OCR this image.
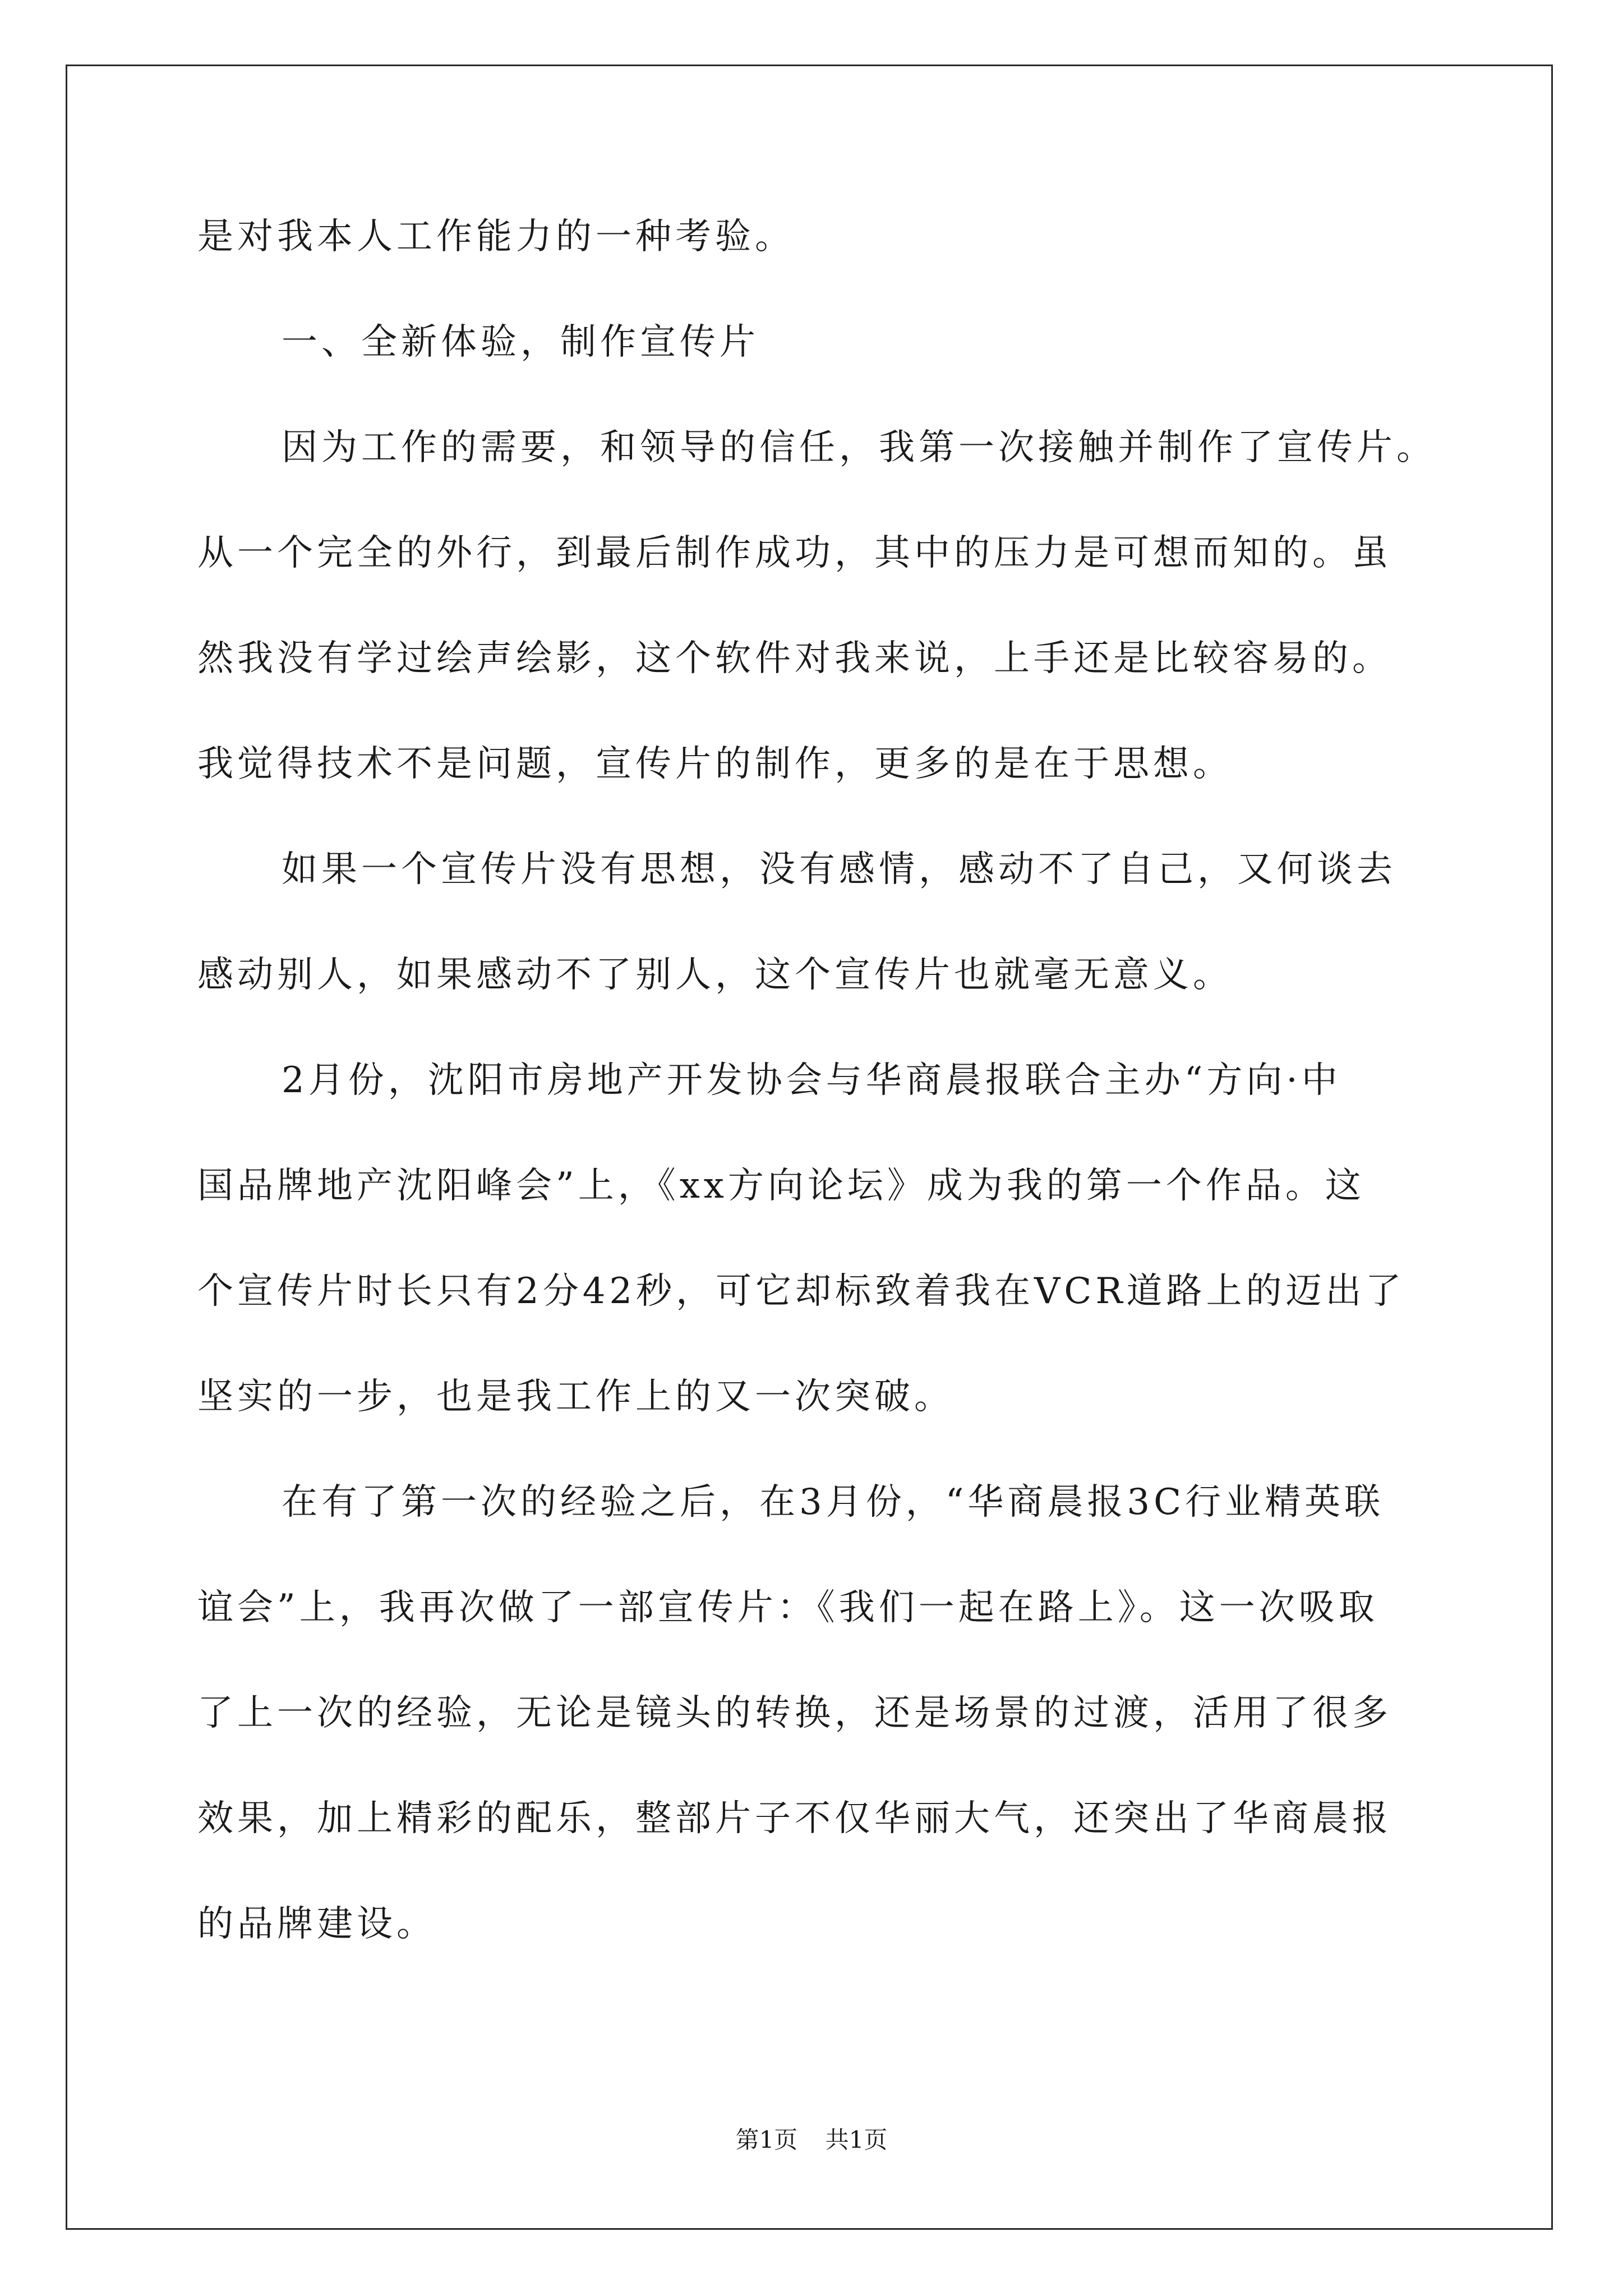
是对我本人工作能力的一种考验。
一、全新体验，制作宣传片
因为工作的需要，和领导的信任，我第一次接触并制作了宣传片。
从一个完全的外行，到最后制作成功，其中的压力是可想而知的。虽
然我没有学过绘声绘影，这个软件对我来说，上手还是比较容易的。
我觉得技术不是问题，宣传片的制作，更多的是在于思想。
如果一个宣传片没有思想，没有感情，感动不了自己，又何谈去
感动别人，如果感动不了别人，这个宣传片也就毫无意义。
2月份，沈阳市房地产开发协会与华商晨报联合主办“方向·中
国品牌地产沈阳峰会”上，《xx方向论坛》成为我的第一个作品。这
个宣传片时长只有2分42秒，可它却标致着我在VCR道路上的迈出了
坚实的一步，也是我工作上的又一次突破。
在有了第一次的经验之后，在3月份，“华商晨报3C行业精英联
谊会”上，我再次做了一部宣传片：《我们一起在路上》。这一次吸取
了上一次的经验，无论是镜头的转换，还是场景的过渡，活用了很多
效果，加上精彩的配乐，整部片子不仅华丽大气，还突出了华商晨报
的品牌建设。
第1页 共1页
